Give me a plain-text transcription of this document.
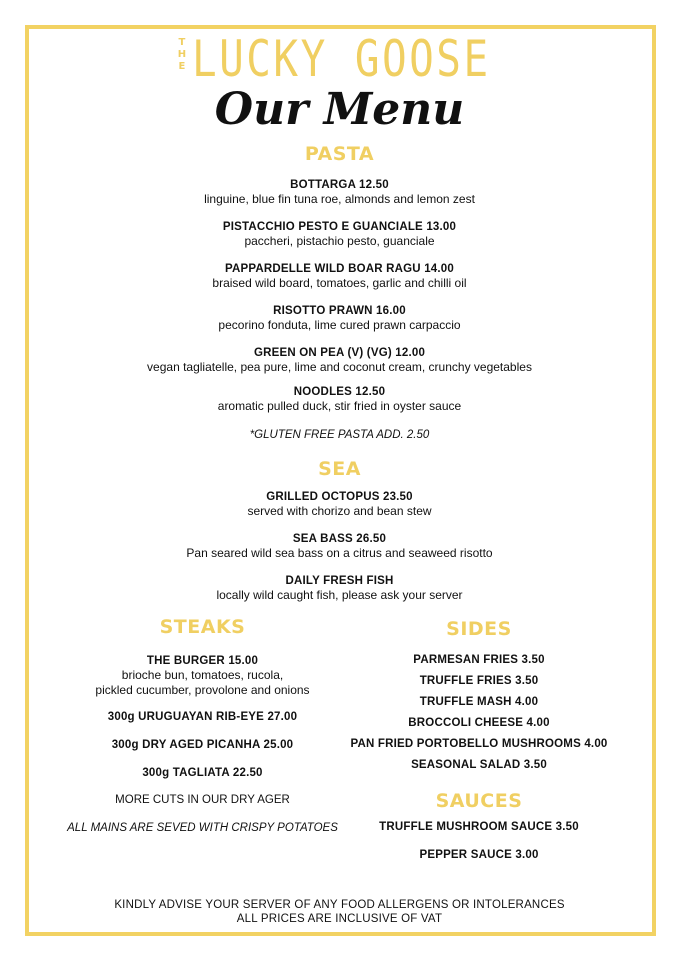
T
H
E LUCKY GOOSE
Our Menu
PASTA
BOTTARGA 12.50
linguine, blue fin tuna roe, almonds and lemon zest
PISTACCHIO PESTO E GUANCIALE 13.00
paccheri, pistachio pesto, guanciale
PAPPARDELLE WILD BOAR RAGU 14.00
braised wild board, tomatoes, garlic and chilli oil
RISOTTO PRAWN 16.00
pecorino fonduta, lime cured prawn carpaccio
GREEN ON PEA (V) (VG) 12.00
vegan tagliatelle, pea pure, lime and coconut cream, crunchy vegetables
NOODLES 12.50
aromatic pulled duck, stir fried in oyster sauce
*GLUTEN FREE PASTA ADD. 2.50
SEA
GRILLED OCTOPUS 23.50
served with chorizo and bean stew
SEA BASS 26.50
Pan seared wild sea bass on a citrus and seaweed risotto
DAILY FRESH FISH
locally wild caught fish, please ask your server
STEAKS
THE BURGER 15.00
brioche bun, tomatoes, rucola,
pickled cucumber, provolone and onions
300g URUGUAYAN RIB-EYE 27.00
300g DRY AGED PICANHA 25.00
300g TAGLIATA 22.50
MORE CUTS IN OUR DRY AGER
ALL MAINS ARE SEVED WITH CRISPY POTATOES
SIDES
PARMESAN FRIES 3.50
TRUFFLE FRIES 3.50
TRUFFLE MASH 4.00
BROCCOLI CHEESE 4.00
PAN FRIED PORTOBELLO MUSHROOMS 4.00
SEASONAL SALAD 3.50
SAUCES
TRUFFLE MUSHROOM SAUCE 3.50
PEPPER SAUCE 3.00
KINDLY ADVISE YOUR SERVER OF ANY FOOD ALLERGENS OR INTOLERANCES
ALL PRICES ARE INCLUSIVE OF VAT
